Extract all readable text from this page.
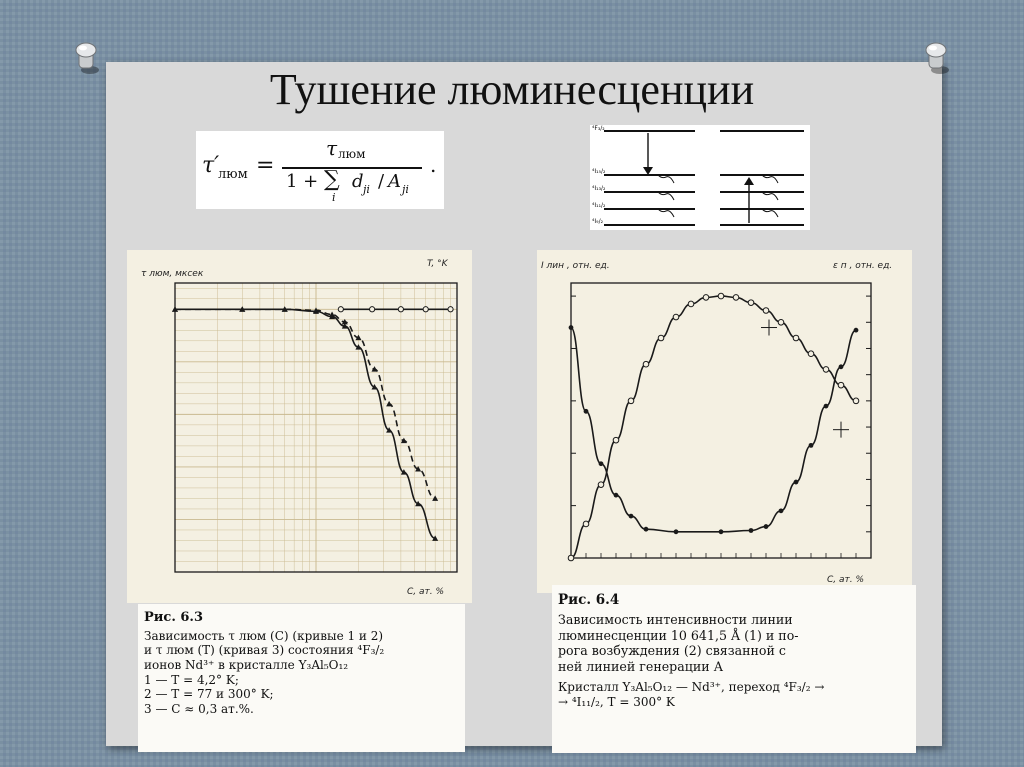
Тушение люминесценции
τ′
люм =
τ люм
1 + ∑
i
d ji / A ji
.
⁴F₃/₂
⁴I₁₅/₂
⁴I₁₃/₂
⁴I₁₁/₂
⁴I₉/₂
τ люм, мксек
C, ат. %
T, °K	I лин , отн. ед.	ε п , отн. ед.
C, ат. %
Рис. 6.3
Зависимость τ люм (C) (кривые 1 и 2)
и τ люм (T) (кривая 3) состояния ⁴F₃/₂
ионов Nd³⁺ в кристалле Y₃Al₅O₁₂
1 — T = 4,2° K;
2 — T = 77 и 300° K;
3 — C ≈ 0,3 ат.%.
Рис. 6.4
Зависимость интенсивности линии
люминесценции 10 641,5 Å (1) и по-
рога возбуждения (2) связанной с
ней линией генерации А
Кристалл Y₃Al₅O₁₂ — Nd³⁺, переход ⁴F₃/₂ →
→ ⁴I₁₁/₂, T = 300° K
